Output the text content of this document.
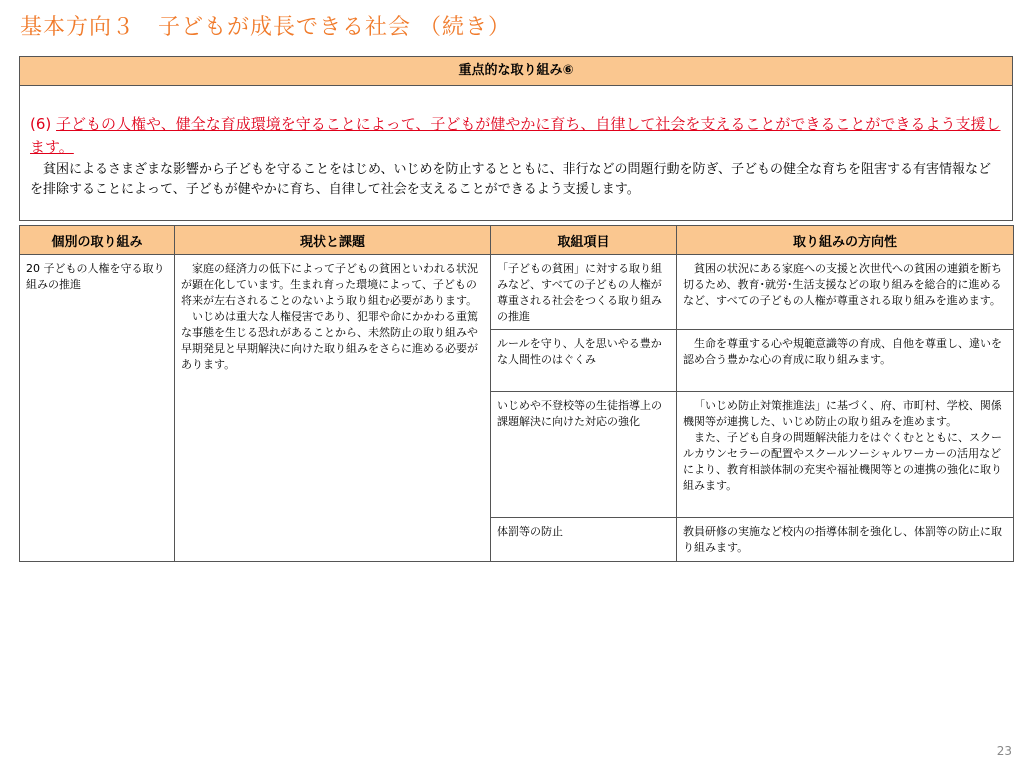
基本方向３　子どもが成長できる社会 （続き）
重点的な取り組み⑥
(6) 子どもの人権や、健全な育成環境を守ることによって、子どもが健やかに育ち、自律して社会を支えることができることができるよう支援します。
貧困によるさまざまな影響から子どもを守ることをはじめ、いじめを防止するとともに、非行などの問題行動を防ぎ、子どもの健全な育ちを阻害する有害情報などを排除することによって、子どもが健やかに育ち、自律して社会を支えることができるよう支援します。
個別の取り組み	現状と課題	取組項目	取り組みの方向性
20 子どもの人権を守る取り組みの推進	家庭の経済力の低下によって子どもの貧困といわれる状況が顕在化しています。生まれ育った環境によって、子どもの将来が左右されることのないよう取り組む必要があります。
いじめは重大な人権侵害であり、犯罪や命にかかわる重篤な事態を生じる恐れがあることから、未然防止の取り組みや早期発見と早期解決に向けた取り組みをさらに進める必要があります。	「子どもの貧困」に対する取り組みなど、すべての子どもの人権が尊重される社会をつくる取り組みの推進	貧困の状況にある家庭への支援と次世代への貧困の連鎖を断ち切るため、教育･就労･生活支援などの取り組みを総合的に進めるなど、すべての子どもの人権が尊重される取り組みを進めます。

		ルールを守り、人を思いやる豊かな人間性のはぐくみ	生命を尊重する心や規範意識等の育成、自他を尊重し、違いを認め合う豊かな心の育成に取り組みます。

		いじめや不登校等の生徒指導上の課題解決に向けた対応の強化	「いじめ防止対策推進法」に基づく、府、市町村、学校、関係機関等が連携した、いじめ防止の取り組みを進めます。
また、子ども自身の問題解決能力をはぐくむとともに、スクールカウンセラーの配置やスクールソーシャルワーカーの活用などにより、教育相談体制の充実や福祉機関等との連携の強化に取り組みます。

		体罰等の防止	教員研修の実施など校内の指導体制を強化し、体罰等の防止に取り組みます。
23
